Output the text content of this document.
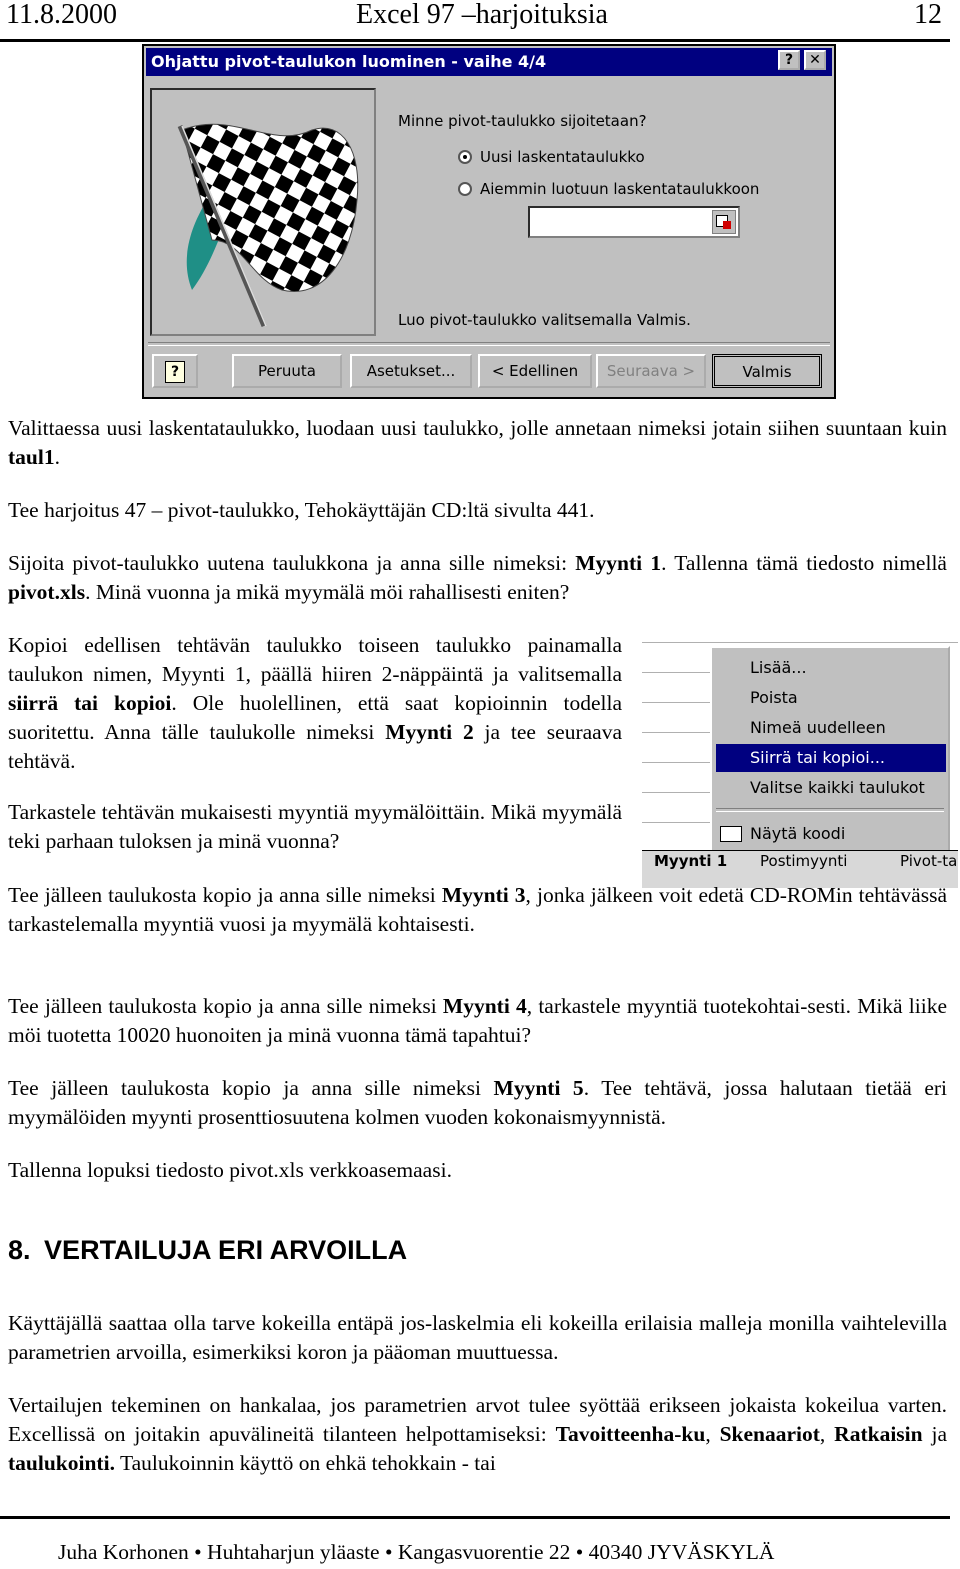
11.8.2000	Excel 97 –harjoituksia	12
Ohjattu pivot-taulukon luominen - vaihe 4/4	?	✕
Minne pivot-taulukko sijoitetaan?
Uusi laskentataulukko
Aiemmin luotuun laskentataulukkoon
Luo pivot-taulukko valitsemalla Valmis.
?	Peruuta	Asetukset...	< Edellinen	Seuraava >	Valmis

Valittaessa uusi laskentataulukko, luodaan uusi taulukko, jolle annetaan nimeksi jotain siihen suuntaan kuin taul1.

Tee harjoitus 47 – pivot-taulukko, Tehokäyttäjän CD:ltä sivulta 441.

Sijoita pivot-taulukko uutena taulukkona ja anna sille nimeksi: Myynti 1. Tallenna tämä tiedosto nimellä pivot.xls. Minä vuonna ja mikä myymälä möi rahallisesti eniten?

Kopioi edellisen tehtävän taulukko toiseen taulukko painamalla taulukon nimen, Myynti 1, päällä hiiren 2-näppäintä ja valitsemalla siirrä tai kopioi. Ole huolellinen, että saat kopioinnin todella suoritettu. Anna tälle taulukolle nimeksi Myynti 2 ja tee seuraava tehtävä.

Tarkastele tehtävän mukaisesti myyntiä myymälöittäin. Mikä myymälä teki parhaan tuloksen ja minä vuonna?

Lisää...
Poista
Nimeä uudelleen
Siirrä tai kopioi...
Valitse kaikki taulukot
Näytä koodi
Myynti 1 Postimyynti	Pivot-ta

Tee jälleen taulukosta kopio ja anna sille nimeksi Myynti 3, jonka jälkeen voit edetä CD-ROMin tehtävässä tarkastelemalla myyntiä vuosi ja myymälä kohtaisesti.

Tee jälleen taulukosta kopio ja anna sille nimeksi Myynti 4, tarkastele myyntiä tuotekohtai-sesti. Mikä liike möi tuotetta 10020 huonoiten ja minä vuonna tämä tapahtui?

Tee jälleen taulukosta kopio ja anna sille nimeksi Myynti 5. Tee tehtävä, jossa halutaan tietää eri myymälöiden myynti prosenttiosuutena kolmen vuoden kokonaismyynnistä.

Tallenna lopuksi tiedosto pivot.xls verkkoasemaasi.

8. VERTAILUJA ERI ARVOILLA

Käyttäjällä saattaa olla tarve kokeilla entäpä jos-laskelmia eli kokeilla erilaisia malleja monilla vaihtelevilla parametrien arvoilla, esimerkiksi koron ja pääoman muuttuessa.

Vertailujen tekeminen on hankalaa, jos parametrien arvot tulee syöttää erikseen jokaista kokeilua varten. Excellissä on joitakin apuvälineitä tilanteen helpottamiseksi: Tavoitteenha-ku, Skenaariot, Ratkaisin ja taulukointi. Taulukoinnin käyttö on ehkä tehokkain - tai

Juha Korhonen • Huhtaharjun yläaste • Kangasvuorentie 22 • 40340 JYVÄSKYLÄ
